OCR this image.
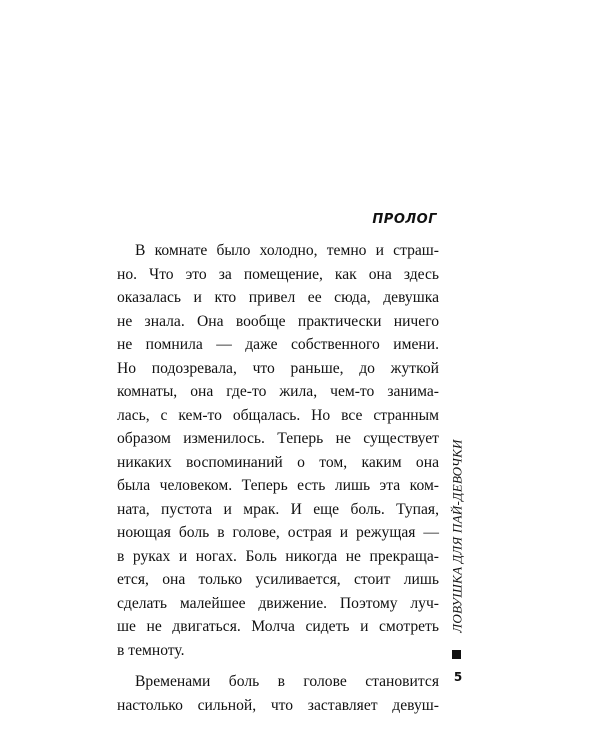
ПРОЛОГ
В комнате было холодно, темно и страш-
но. Что это за помещение, как она здесь
оказалась и кто привел ее сюда, девушка
не знала. Она вообще практически ничего
не помнила — даже собственного имени.
Но подозревала, что раньше, до жуткой
комнаты, она где-то жила, чем-то занима-
лась, с кем-то общалась. Но все странным
образом изменилось. Теперь не существует
никаких воспоминаний о том, каким она
была человеком. Теперь есть лишь эта ком-
ната, пустота и мрак. И еще боль. Тупая,
ноющая боль в голове, острая и режущая —
в руках и ногах. Боль никогда не прекраща-
ется, она только усиливается, стоит лишь
сделать малейшее движение. Поэтому луч-
ше не двигаться. Молча сидеть и смотреть
в темноту.
Временами боль в голове становится
настолько сильной, что заставляет девуш-
ЛОВУШКА ДЛЯ ПАЙ-ДЕВОЧКИ
5
